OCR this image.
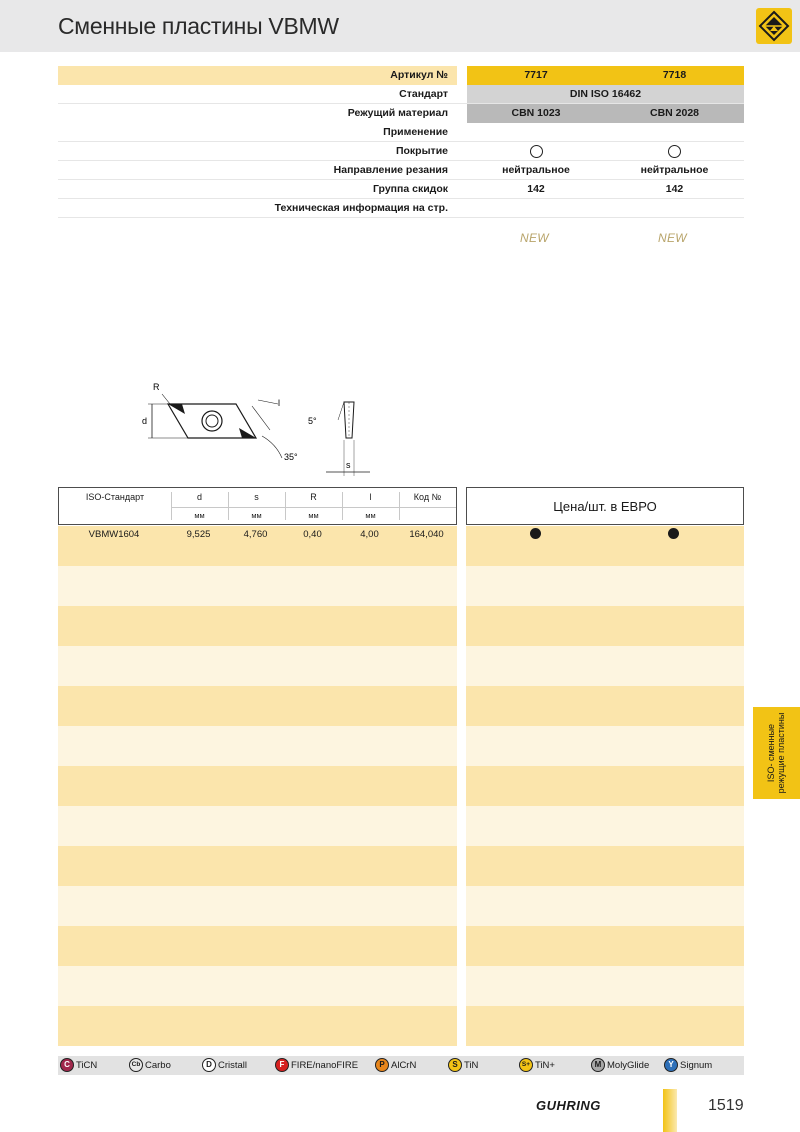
Сменные пластины VBMW
Артикул №	7717	7718
Стандарт	DIN ISO 16462
Режущий материал	CBN 1023	CBN 2028
Применение
Покрытие
Направление резания	нейтральное	нейтральное
Группа скидок	142	142
Техническая информация на стр.
NEW	NEW
R
d
l
35°
5°
s
ISO-Стандарт	d	s	R	l	Код №
мм	мм	мм	мм
Цена/шт. в ЕВРО
VBMW1604	9,525	4,760	0,40	4,00	164,040
ISO- сменные режущие пластины
C TiCN	Cb Carbo	D Cristall	F FIRE/nanoFIRE	P AlCrN	S TiN	S+ TiN+	M MolyGlide	Y Signum
GUHRING	1519
